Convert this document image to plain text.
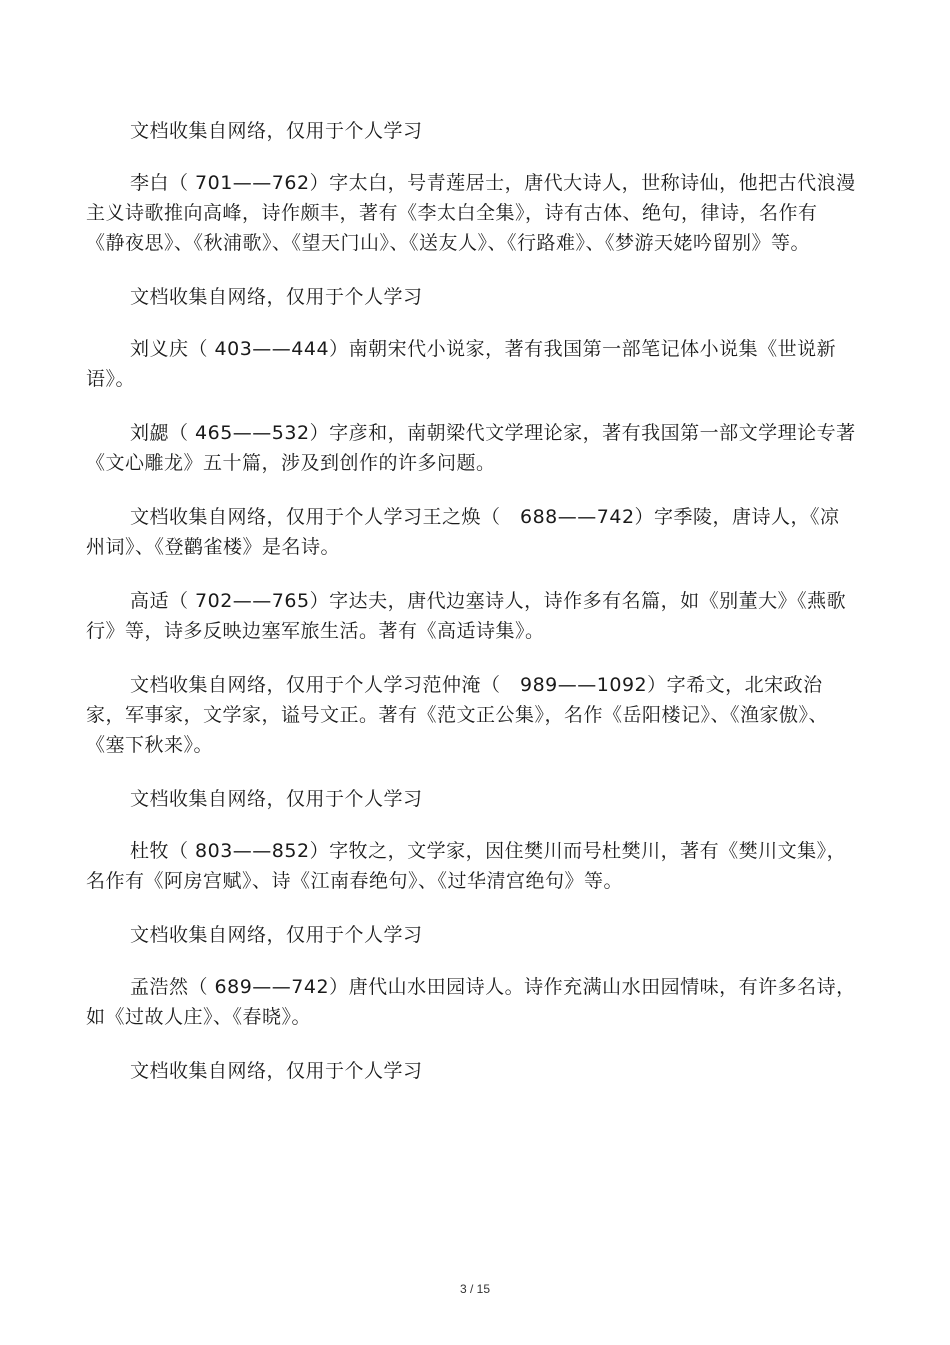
文档收集自网络，仅用于个人学习

李白（ 701——762）字太白，号青莲居士，唐代大诗人，世称诗仙，他把古代浪漫主义诗歌推向高峰，诗作颇丰，著有《李太白全集》，诗有古体、绝句，律诗，名作有《静夜思》、《秋浦歌》、《望天门山》、《送友人》、《行路难》、《梦游天姥吟留别》等。

文档收集自网络，仅用于个人学习

刘义庆（ 403——444）南朝宋代小说家，著有我国第一部笔记体小说集《世说新语》。

刘勰（ 465——532）字彦和，南朝梁代文学理论家，著有我国第一部文学理论专著《文心雕龙》五十篇，涉及到创作的许多问题。

文档收集自网络，仅用于个人学习王之焕（　688——742）字季陵，唐诗人，《凉州词》、《登鹳雀楼》是名诗。

高适（ 702——765）字达夫，唐代边塞诗人，诗作多有名篇，如《别董大》《燕歌行》等，诗多反映边塞军旅生活。著有《高适诗集》。

文档收集自网络，仅用于个人学习范仲淹（　989——1092）字希文，北宋政治家，军事家，文学家，谥号文正。著有《范文正公集》，名作《岳阳楼记》、《渔家傲》、《塞下秋来》。

文档收集自网络，仅用于个人学习

杜牧（ 803——852）字牧之，文学家，因住樊川而号杜樊川，著有《樊川文集》，名作有《阿房宫赋》、诗《江南春绝句》、《过华清宫绝句》等。

文档收集自网络，仅用于个人学习

孟浩然（ 689——742）唐代山水田园诗人。诗作充满山水田园情味，有许多名诗，如《过故人庄》、《春晓》。

文档收集自网络，仅用于个人学习

3 / 15
